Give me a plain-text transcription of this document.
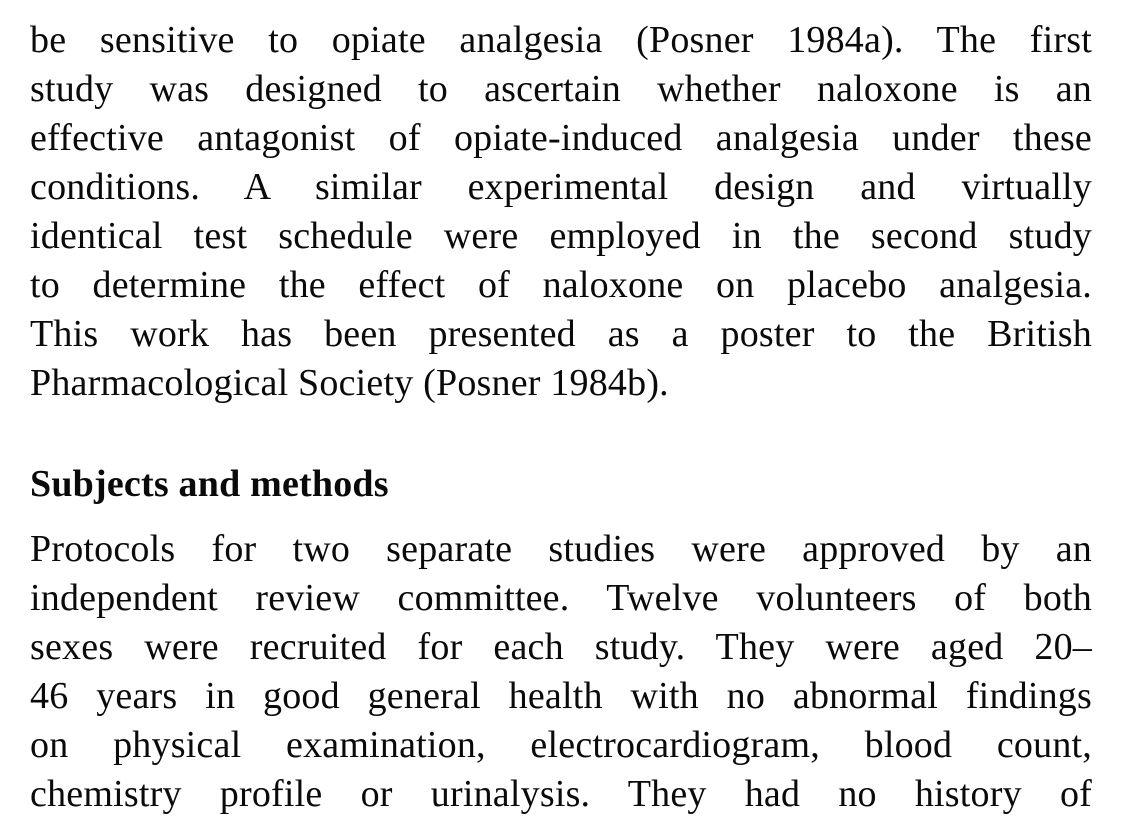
be sensitive to opiate analgesia (Posner 1984a). The first
study was designed to ascertain whether naloxone is an
effective antagonist of opiate-induced analgesia under these
conditions. A similar experimental design and virtually
identical test schedule were employed in the second study
to determine the effect of naloxone on placebo analgesia.
This work has been presented as a poster to the British
Pharmacological Society (Posner 1984b).
Subjects and methods
Protocols for two separate studies were approved by an
independent review committee. Twelve volunteers of both
sexes were recruited for each study. They were aged 20–
46 years in good general health with no abnormal findings
on physical examination, electrocardiogram, blood count,
chemistry profile or urinalysis. They had no history of
